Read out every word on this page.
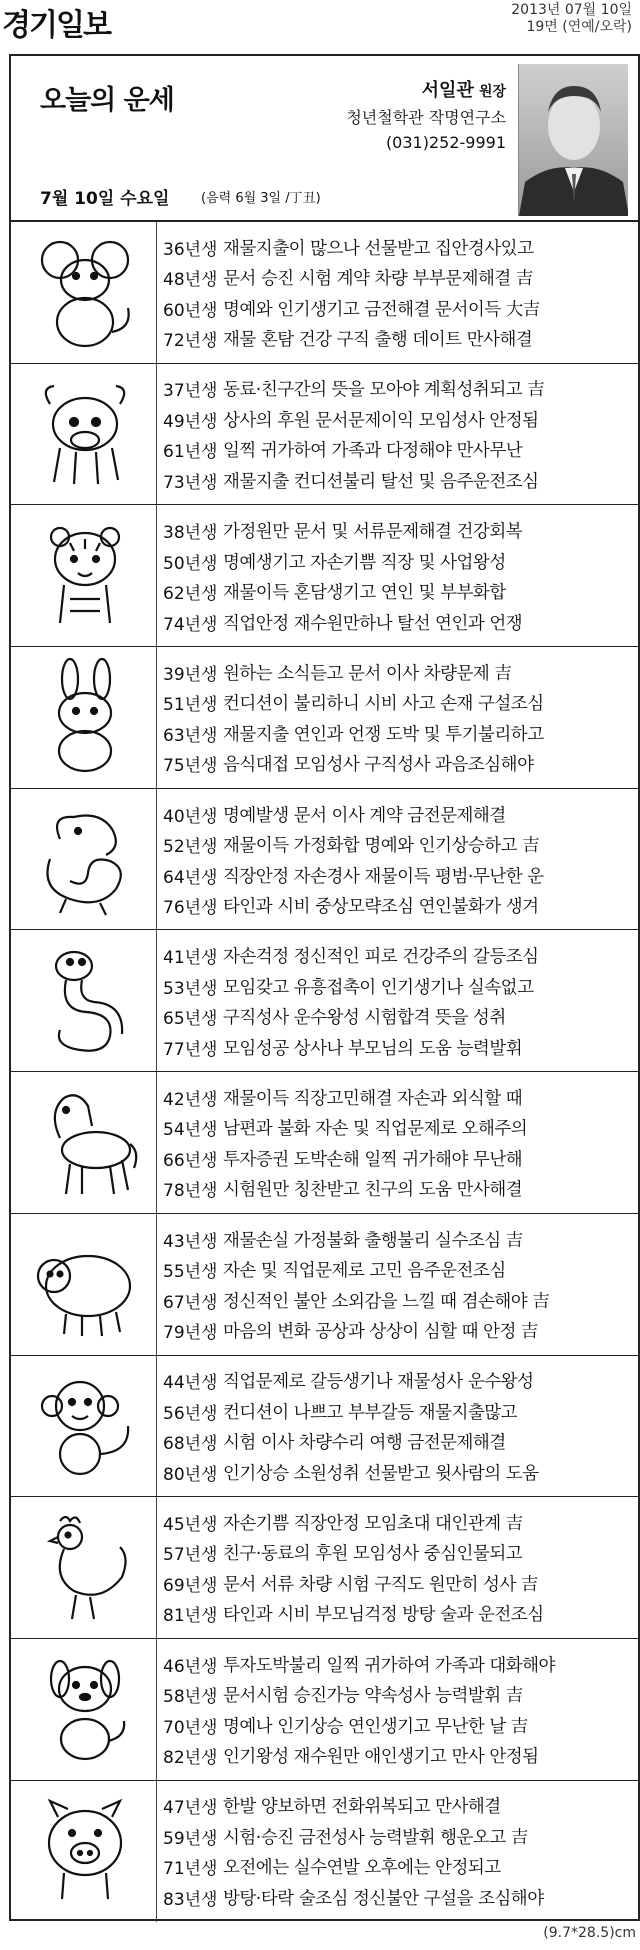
경기일보	2013년 07월 10일
19면 (연예/오락)
오늘의 운세
7월 10일 수요일 (음력 6월 3일 /丁丑)
서일관 원장
청년철학관 작명연구소
(031)252-9991
36년생 재물지출이 많으나 선물받고 집안경사있고
48년생 문서 승진 시험 계약 차량 부부문제해결 吉
60년생 명예와 인기생기고 금전해결 문서이득 大吉
72년생 재물 혼탐 건강 구직 출행 데이트 만사해결
37년생 동료·친구간의 뜻을 모아야 계획성취되고 吉
49년생 상사의 후원 문서문제이익 모임성사 안정됨
61년생 일찍 귀가하여 가족과 다정해야 만사무난
73년생 재물지출 컨디션불리 탈선 및 음주운전조심
38년생 가정원만 문서 및 서류문제해결 건강회복
50년생 명예생기고 자손기쁨 직장 및 사업왕성
62년생 재물이득 혼담생기고 연인 및 부부화합
74년생 직업안정 재수원만하나 탈선 연인과 언쟁
39년생 원하는 소식듣고 문서 이사 차량문제 吉
51년생 컨디션이 불리하니 시비 사고 손재 구설조심
63년생 재물지출 연인과 언쟁 도박 및 투기불리하고
75년생 음식대접 모임성사 구직성사 과음조심해야
40년생 명예발생 문서 이사 계약 금전문제해결
52년생 재물이득 가정화합 명예와 인기상승하고 吉
64년생 직장안정 자손경사 재물이득 평범·무난한 운
76년생 타인과 시비 중상모략조심 연인불화가 생겨
41년생 자손걱정 정신적인 피로 건강주의 갈등조심
53년생 모임갖고 유흥접촉이 인기생기나 실속없고
65년생 구직성사 운수왕성 시험합격 뜻을 성취
77년생 모임성공 상사나 부모님의 도움 능력발휘
42년생 재물이득 직장고민해결 자손과 외식할 때
54년생 남편과 불화 자손 및 직업문제로 오해주의
66년생 투자증권 도박손해 일찍 귀가해야 무난해
78년생 시험원만 칭찬받고 친구의 도움 만사해결
43년생 재물손실 가정불화 출행불리 실수조심 吉
55년생 자손 및 직업문제로 고민 음주운전조심
67년생 정신적인 불안 소외감을 느낄 때 겸손해야 吉
79년생 마음의 변화 공상과 상상이 심할 때 안정 吉
44년생 직업문제로 갈등생기나 재물성사 운수왕성
56년생 컨디션이 나쁘고 부부갈등 재물지출많고
68년생 시험 이사 차량수리 여행 금전문제해결
80년생 인기상승 소원성취 선물받고 윗사람의 도움
45년생 자손기쁨 직장안정 모임초대 대인관계 吉
57년생 친구·동료의 후원 모임성사 중심인물되고
69년생 문서 서류 차량 시험 구직도 원만히 성사 吉
81년생 타인과 시비 부모님걱정 방탕 술과 운전조심
46년생 투자도박불리 일찍 귀가하여 가족과 대화해야
58년생 문서시험 승진가능 약속성사 능력발휘 吉
70년생 명예나 인기상승 연인생기고 무난한 날 吉
82년생 인기왕성 재수원만 애인생기고 만사 안정됨
47년생 한발 양보하면 전화위복되고 만사해결
59년생 시험·승진 금전성사 능력발휘 행운오고 吉
71년생 오전에는 실수연발 오후에는 안정되고
83년생 방탕·타락 술조심 정신불안 구설을 조심해야
(9.7*28.5)cm
